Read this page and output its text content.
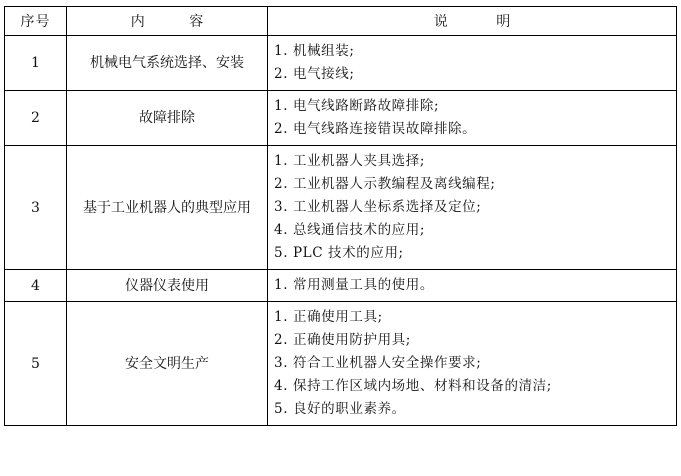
序号	内 容	说 明
1	机械电气系统选择、安装	1. 机械组装;
2. 电气接线;

2	故障排除	1. 电气线路断路故障排除;
2. 电气线路连接错误故障排除。

3	基于工业机器人的典型应用	1. 工业机器人夹具选择;
2. 工业机器人示教编程及离线编程;
3. 工业机器人坐标系选择及定位;
4. 总线通信技术的应用;
5. PLC 技术的应用;

4	仪器仪表使用	1. 常用测量工具的使用。

5	安全文明生产	1. 正确使用工具;
2. 正确使用防护用具;
3. 符合工业机器人安全操作要求;
4. 保持工作区域内场地、材料和设备的清洁;
5. 良好的职业素养。
